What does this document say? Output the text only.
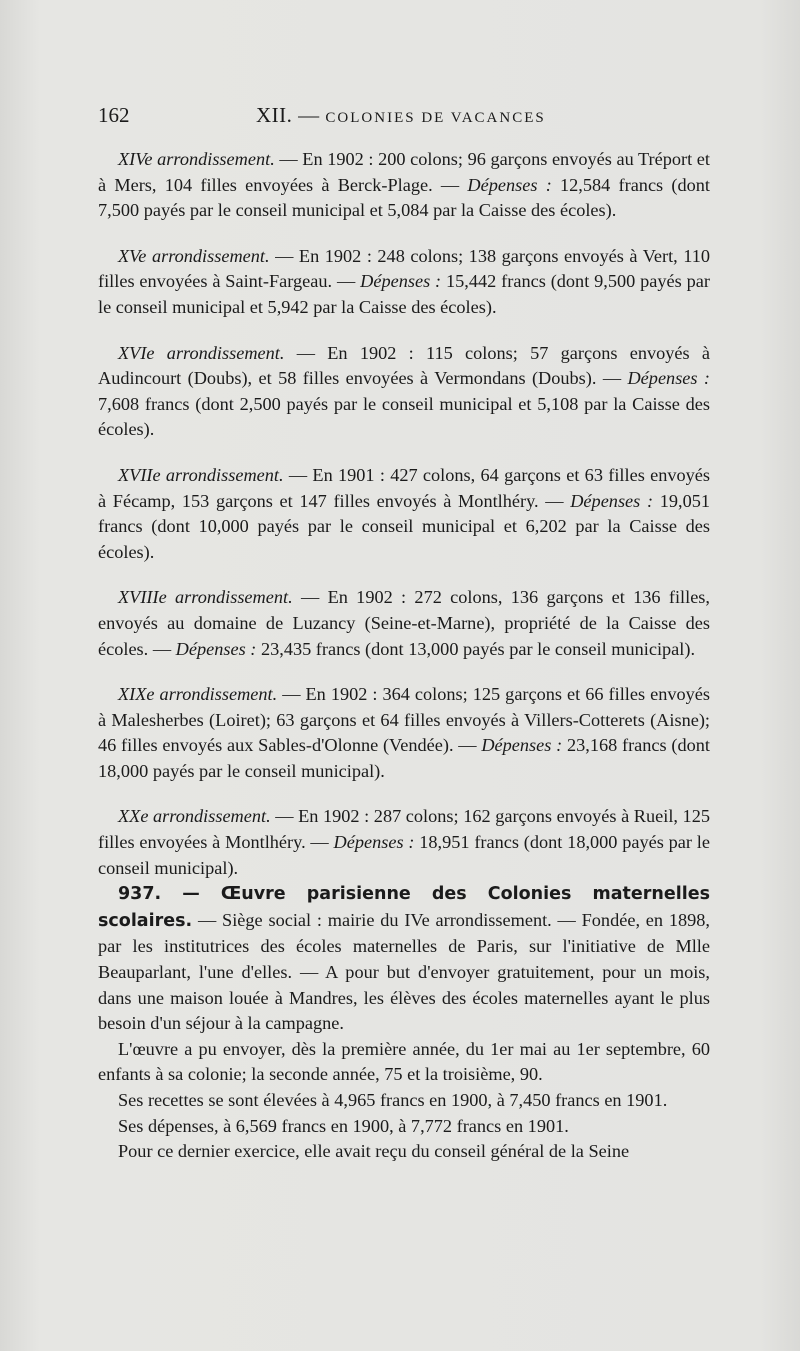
162	XII. — COLONIES DE VACANCES

XIVe arrondissement. — En 1902 : 200 colons; 96 garçons envoyés au Tréport et à Mers, 104 filles envoyées à Berck-Plage. — Dépenses : 12,584 francs (dont 7,500 payés par le conseil municipal et 5,084 par la Caisse des écoles).

XVe arrondissement. — En 1902 : 248 colons; 138 garçons envoyés à Vert, 110 filles envoyées à Saint-Fargeau. — Dépenses : 15,442 francs (dont 9,500 payés par le conseil municipal et 5,942 par la Caisse des écoles).

XVIe arrondissement. — En 1902 : 115 colons; 57 garçons envoyés à Audincourt (Doubs), et 58 filles envoyées à Vermondans (Doubs). — Dépenses : 7,608 francs (dont 2,500 payés par le conseil municipal et 5,108 par la Caisse des écoles).

XVIIe arrondissement. — En 1901 : 427 colons, 64 garçons et 63 filles envoyés à Fécamp, 153 garçons et 147 filles envoyés à Montlhéry. — Dépenses : 19,051 francs (dont 10,000 payés par le conseil municipal et 6,202 par la Caisse des écoles).

XVIIIe arrondissement. — En 1902 : 272 colons, 136 garçons et 136 filles, envoyés au domaine de Luzancy (Seine-et-Marne), propriété de la Caisse des écoles. — Dépenses : 23,435 francs (dont 13,000 payés par le conseil municipal).

XIXe arrondissement. — En 1902 : 364 colons; 125 garçons et 66 filles envoyés à Malesherbes (Loiret); 63 garçons et 64 filles envoyés à Villers-Cotterets (Aisne); 46 filles envoyés aux Sables-d'Olonne (Vendée). — Dépenses : 23,168 francs (dont 18,000 payés par le conseil municipal).

XXe arrondissement. — En 1902 : 287 colons; 162 garçons envoyés à Rueil, 125 filles envoyées à Montlhéry. — Dépenses : 18,951 francs (dont 18,000 payés par le conseil municipal).

937. — Œuvre parisienne des Colonies maternelles scolaires. — Siège social : mairie du IVe arrondissement. — Fondée, en 1898, par les institutrices des écoles maternelles de Paris, sur l'initiative de Mlle Beauparlant, l'une d'elles. — A pour but d'envoyer gratuitement, pour un mois, dans une maison louée à Mandres, les élèves des écoles maternelles ayant le plus besoin d'un séjour à la campagne.

L'œuvre a pu envoyer, dès la première année, du 1er mai au 1er septembre, 60 enfants à sa colonie; la seconde année, 75 et la troisième, 90.

Ses recettes se sont élevées à 4,965 francs en 1900, à 7,450 francs en 1901.

Ses dépenses, à 6,569 francs en 1900, à 7,772 francs en 1901.

Pour ce dernier exercice, elle avait reçu du conseil général de la Seine
